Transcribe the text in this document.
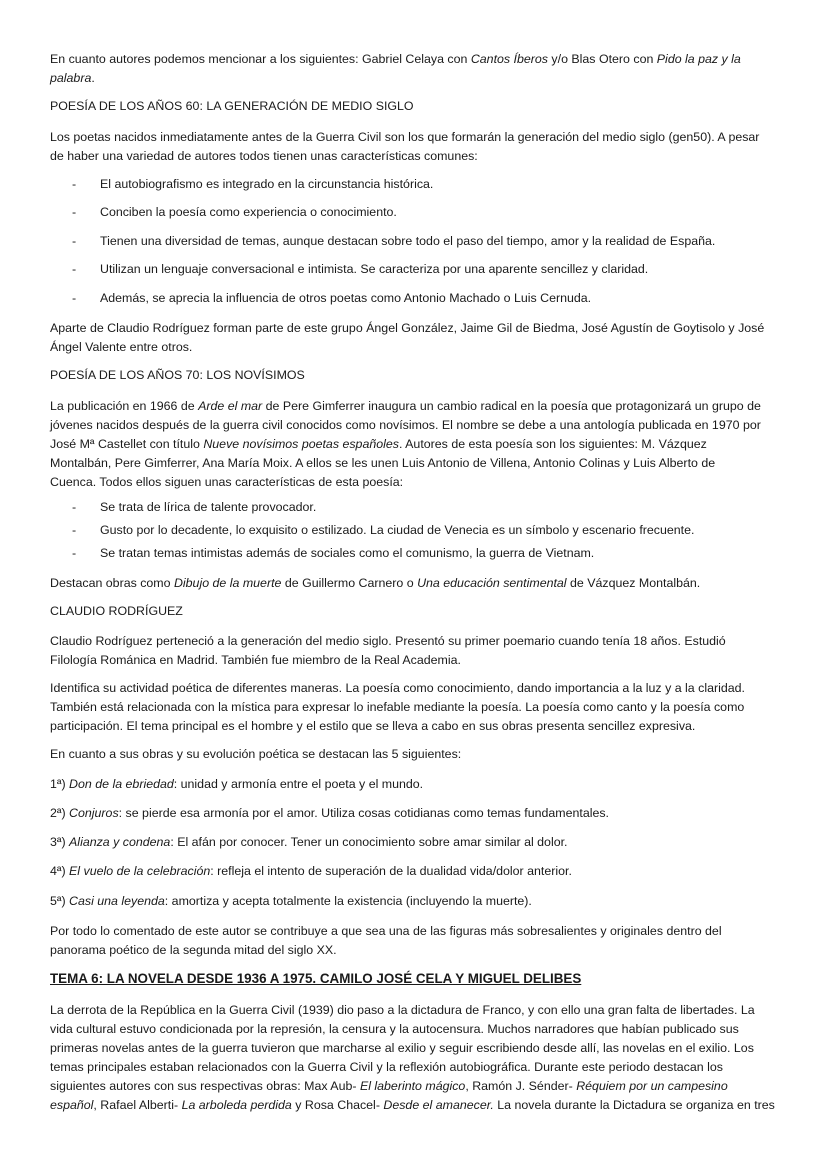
En cuanto autores podemos mencionar a los siguientes: Gabriel Celaya con Cantos Íberos y/o Blas Otero con Pido la paz y la
palabra.

POESÍA DE LOS AÑOS 60: LA GENERACIÓN DE MEDIO SIGLO

Los poetas nacidos inmediatamente antes de la Guerra Civil son los que formarán la generación del medio siglo (gen50). A pesar
de haber una variedad de autores todos tienen unas características comunes:

- El autobiografismo es integrado en la circunstancia histórica.
- Conciben la poesía como experiencia o conocimiento.
- Tienen una diversidad de temas, aunque destacan sobre todo el paso del tiempo, amor y la realidad de España.
- Utilizan un lenguaje conversacional e intimista. Se caracteriza por una aparente sencillez y claridad.
- Además, se aprecia la influencia de otros poetas como Antonio Machado o Luis Cernuda.

Aparte de Claudio Rodríguez forman parte de este grupo Ángel González, Jaime Gil de Biedma, José Agustín de Goytisolo y José
Ángel Valente entre otros.

POESÍA DE LOS AÑOS 70: LOS NOVÍSIMOS

La publicación en 1966 de Arde el mar de Pere Gimferrer inaugura un cambio radical en la poesía que protagonizará un grupo de
jóvenes nacidos después de la guerra civil conocidos como novísimos. El nombre se debe a una antología publicada en 1970 por
José Mª Castellet con título Nueve novísimos poetas españoles. Autores de esta poesía son los siguientes: M. Vázquez
Montalbán, Pere Gimferrer, Ana María Moix. A ellos se les unen Luis Antonio de Villena, Antonio Colinas y Luis Alberto de
Cuenca. Todos ellos siguen unas características de esta poesía:

- Se trata de lírica de talente provocador.
- Gusto por lo decadente, lo exquisito o estilizado. La ciudad de Venecia es un símbolo y escenario frecuente.
- Se tratan temas intimistas además de sociales como el comunismo, la guerra de Vietnam.

Destacan obras como Dibujo de la muerte de Guillermo Carnero o Una educación sentimental de Vázquez Montalbán.

CLAUDIO RODRÍGUEZ

Claudio Rodríguez perteneció a la generación del medio siglo. Presentó su primer poemario cuando tenía 18 años. Estudió
Filología Románica en Madrid. También fue miembro de la Real Academia.

Identifica su actividad poética de diferentes maneras. La poesía como conocimiento, dando importancia a la luz y a la claridad.
También está relacionada con la mística para expresar lo inefable mediante la poesía. La poesía como canto y la poesía como
participación. El tema principal es el hombre y el estilo que se lleva a cabo en sus obras presenta sencillez expresiva.

En cuanto a sus obras y su evolución poética se destacan las 5 siguientes:

1ª) Don de la ebriedad: unidad y armonía entre el poeta y el mundo.

2ª) Conjuros: se pierde esa armonía por el amor. Utiliza cosas cotidianas como temas fundamentales.

3ª) Alianza y condena: El afán por conocer. Tener un conocimiento sobre amar similar al dolor.

4ª) El vuelo de la celebración: refleja el intento de superación de la dualidad vida/dolor anterior.

5ª) Casi una leyenda: amortiza y acepta totalmente la existencia (incluyendo la muerte).

Por todo lo comentado de este autor se contribuye a que sea una de las figuras más sobresalientes y originales dentro del
panorama poético de la segunda mitad del siglo XX.

TEMA 6: LA NOVELA DESDE 1936 A 1975. CAMILO JOSÉ CELA Y MIGUEL DELIBES

La derrota de la República en la Guerra Civil (1939) dio paso a la dictadura de Franco, y con ello una gran falta de libertades. La
vida cultural estuvo condicionada por la represión, la censura y la autocensura. Muchos narradores que habían publicado sus
primeras novelas antes de la guerra tuvieron que marcharse al exilio y seguir escribiendo desde allí, las novelas en el exilio. Los
temas principales estaban relacionados con la Guerra Civil y la reflexión autobiográfica. Durante este periodo destacan los
siguientes autores con sus respectivas obras: Max Aub- El laberinto mágico, Ramón J. Sénder- Réquiem por un campesino
español, Rafael Alberti- La arboleda perdida y Rosa Chacel- Desde el amanecer. La novela durante la Dictadura se organiza en tres
